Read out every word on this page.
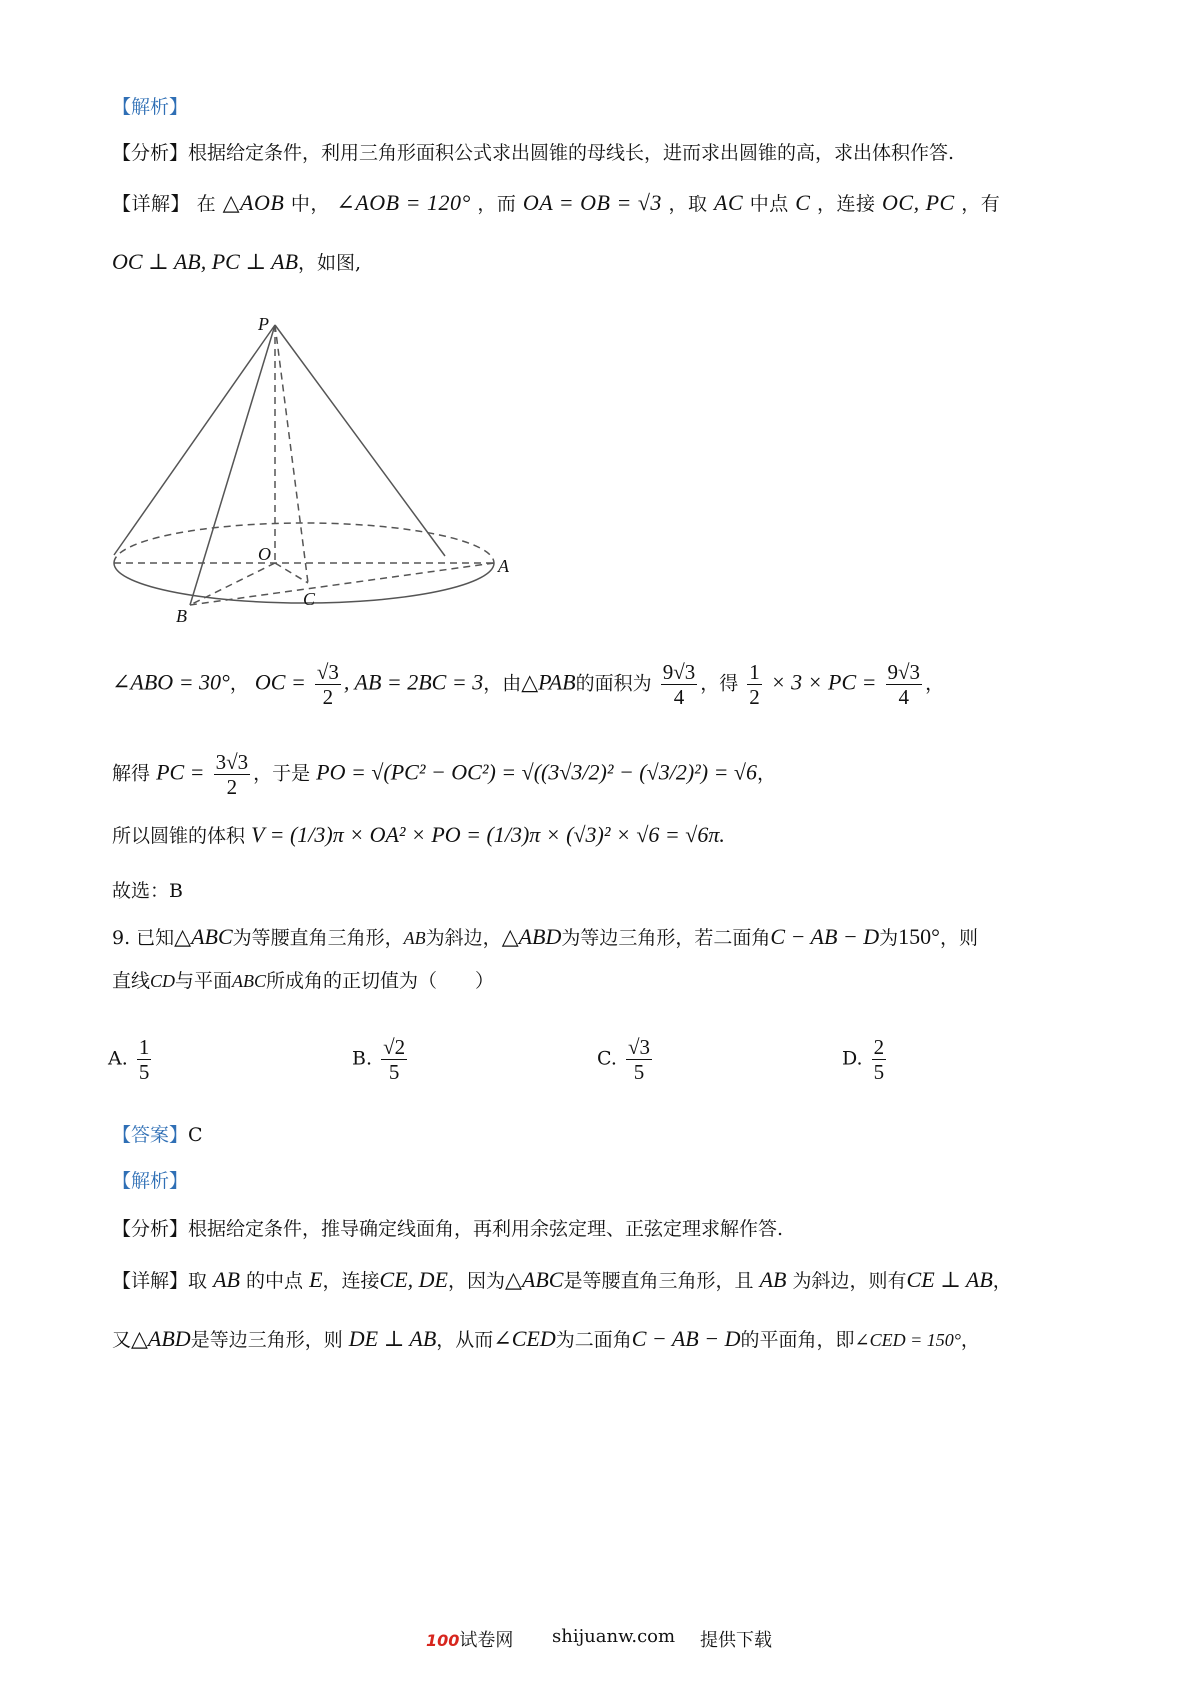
【解析】
【分析】根据给定条件，利用三角形面积公式求出圆锥的母线长，进而求出圆锥的高，求出体积作答.
【详解】 在 △AOB 中， ∠AOB = 120° ，而 OA = OB = √3 ，取 AC 中点 C ，连接 OC, PC ，有
OC ⊥ AB, PC ⊥ AB，如图,
P
O
A
B
C
∠ABO = 30°， OC = $\frac{√3}{2}$ , AB = 2BC = 3，由△PAB的面积为 $\frac{9√3}{4}$ ，得 $\frac{1}{2} \times 3$ × PC = $\frac{9√3}{4}$ ，
解得 PC = $\frac{3√3}{2}$ ，于是 PO = √(PC² − OC²) = √((3√3/2)² − (√3/2)²) = √6，
所以圆锥的体积 V = (1/3)π × OA² × PO = (1/3)π × (√3)² × √6 = √6π.
故选：B
9. 已知△ABC为等腰直角三角形，AB为斜边，△ABD为等边三角形，若二面角C − AB − D为150°，则
直线CD与平面ABC所成角的正切值为（　　）
A. $\frac{1}{5}$	B. $\frac{√2}{5}$	C. $\frac{√3}{5}$	D. $\frac{2}{5}$
【答案】C
【解析】
【分析】根据给定条件，推导确定线面角，再利用余弦定理、正弦定理求解作答.
【详解】取 AB 的中点 E，连接CE, DE，因为△ABC是等腰直角三角形，且 AB 为斜边，则有CE ⊥ AB，
又△ABD是等边三角形，则 DE ⊥ AB，从而∠CED为二面角C − AB − D的平面角，即∠CED = 150°，
100试卷网 shijuanw.com 提供下载
